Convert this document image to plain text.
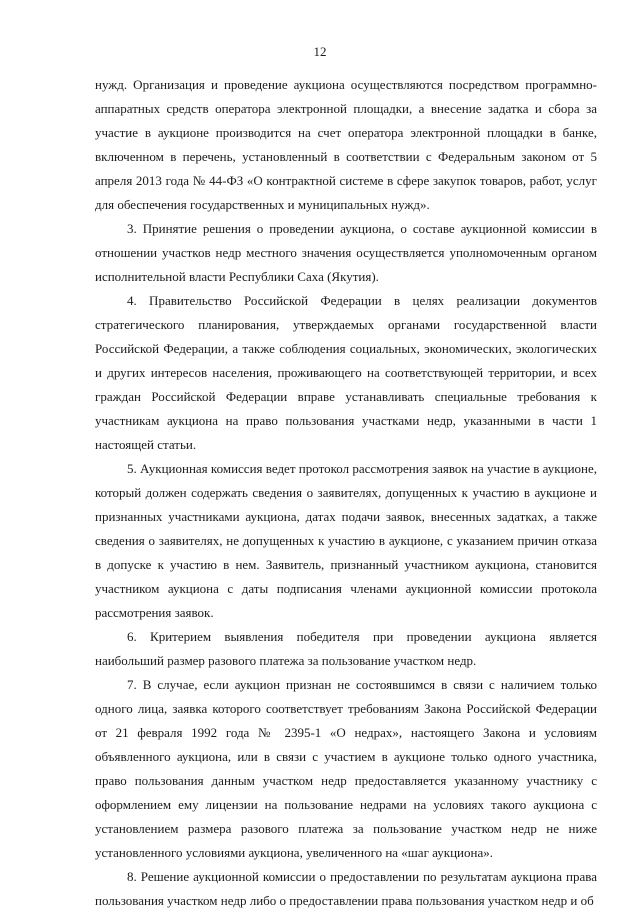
12

нужд. Организация и проведение аукциона осуществляются посредством программно-аппаратных средств оператора электронной площадки, а внесение задатка и сбора за участие в аукционе производится на счет оператора электронной площадки в банке, включенном в перечень, установленный в соответствии с Федеральным законом от 5 апреля 2013 года № 44-ФЗ «О контрактной системе в сфере закупок товаров, работ, услуг для обеспечения государственных и муниципальных нужд».

3. Принятие решения о проведении аукциона, о составе аукционной комиссии в отношении участков недр местного значения осуществляется уполномоченным органом исполнительной власти Республики Саха (Якутия).

4. Правительство Российской Федерации в целях реализации документов стратегического планирования, утверждаемых органами государственной власти Российской Федерации, а также соблюдения социальных, экономических, экологических и других интересов населения, проживающего на соответствующей территории, и всех граждан Российской Федерации вправе устанавливать специальные требования к участникам аукциона на право пользования участками недр, указанными в части 1 настоящей статьи.

5. Аукционная комиссия ведет протокол рассмотрения заявок на участие в аукционе, который должен содержать сведения о заявителях, допущенных к участию в аукционе и признанных участниками аукциона, датах подачи заявок, внесенных задатках, а также сведения о заявителях, не допущенных к участию в аукционе, с указанием причин отказа в допуске к участию в нем. Заявитель, признанный участником аукциона, становится участником аукциона с даты подписания членами аукционной комиссии протокола рассмотрения заявок.

6. Критерием выявления победителя при проведении аукциона является наибольший размер разового платежа за пользование участком недр.

7. В случае, если аукцион признан не состоявшимся в связи с наличием только одного лица, заявка которого соответствует требованиям Закона Российской Федерации от 21 февраля 1992 года № 2395-1 «О недрах», настоящего Закона и условиям объявленного аукциона, или в связи с участием в аукционе только одного участника, право пользования данным участком недр предоставляется указанному участнику с оформлением ему лицензии на пользование недрами на условиях такого аукциона с установлением размера разового платежа за пользование участком недр не ниже установленного условиями аукциона, увеличенного на «шаг аукциона».

8. Решение аукционной комиссии о предоставлении по результатам аукциона права пользования участком недр либо о предоставлении права пользования участком недр и об
